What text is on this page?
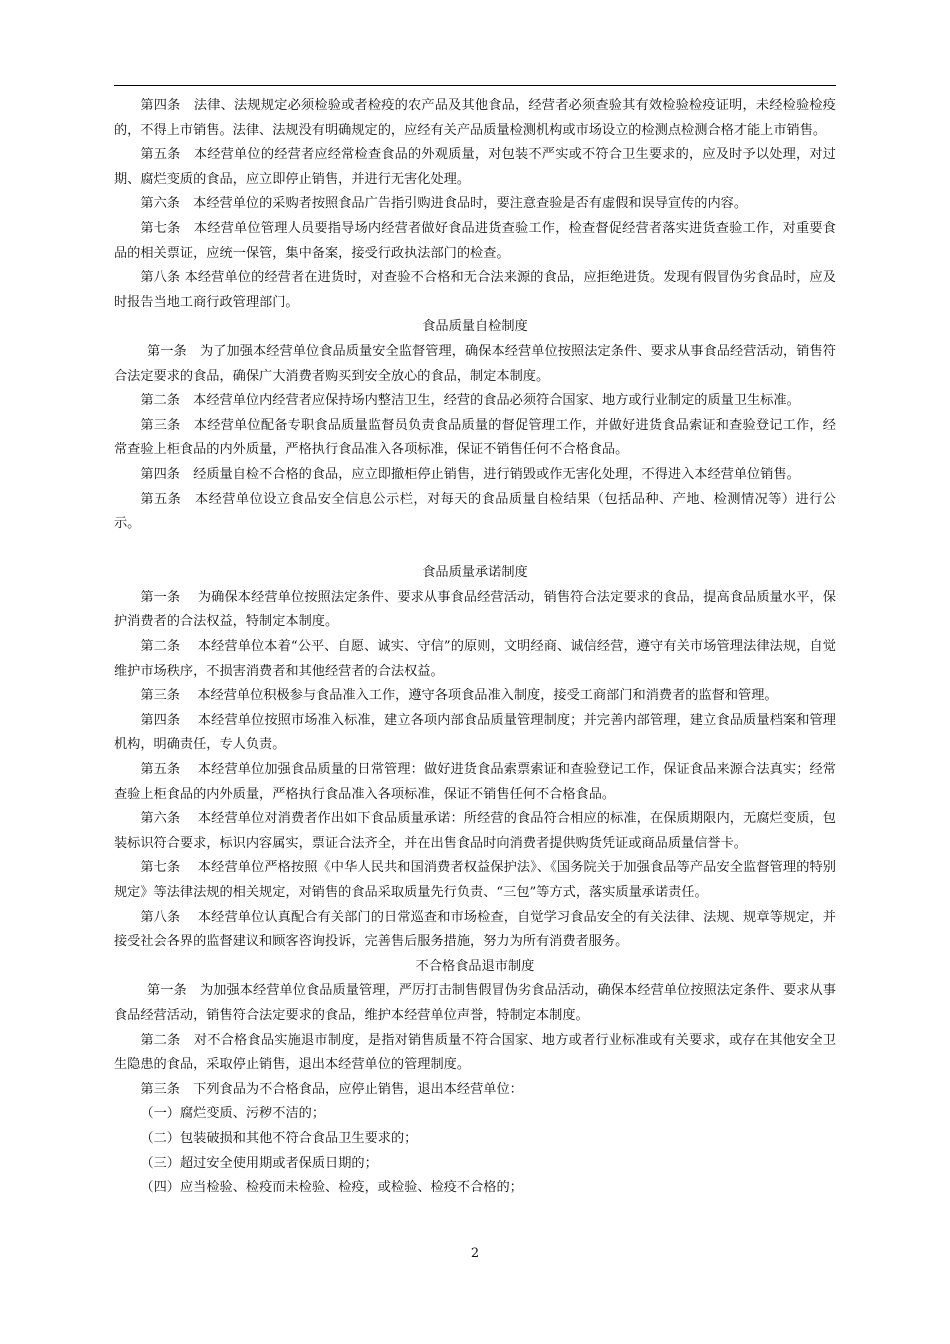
第四条　法律、法规规定必须检验或者检疫的农产品及其他食品，经营者必须查验其有效检验检疫证明，未经检验检疫的，不得上市销售。法律、法规没有明确规定的，应经有关产品质量检测机构或市场设立的检测点检测合格才能上市销售。

第五条　本经营单位的经营者应经常检查食品的外观质量，对包装不严实或不符合卫生要求的，应及时予以处理，对过期、腐烂变质的食品，应立即停止销售，并进行无害化处理。

第六条　本经营单位的采购者按照食品广告指引购进食品时，要注意查验是否有虚假和误导宣传的内容。

第七条　本经营单位管理人员要指导场内经营者做好食品进货查验工作，检查督促经营者落实进货查验工作，对重要食品的相关票证，应统一保管，集中备案，接受行政执法部门的检查。

第八条 本经营单位的经营者在进货时，对查验不合格和无合法来源的食品，应拒绝进货。发现有假冒伪劣食品时，应及时报告当地工商行政管理部门。

食品质量自检制度

第一条　为了加强本经营单位食品质量安全监督管理，确保本经营单位按照法定条件、要求从事食品经营活动，销售符合法定要求的食品，确保广大消费者购买到安全放心的食品，制定本制度。

第二条　本经营单位内经营者应保持场内整洁卫生，经营的食品必须符合国家、地方或行业制定的质量卫生标准。

第三条　本经营单位配备专职食品质量监督员负责食品质量的督促管理工作，并做好进货食品索证和查验登记工作，经常查验上柜食品的内外质量，严格执行食品准入各项标准，保证不销售任何不合格食品。

第四条　经质量自检不合格的食品，应立即撤柜停止销售，进行销毁或作无害化处理，不得进入本经营单位销售。

第五条　本经营单位设立食品安全信息公示栏，对每天的食品质量自检结果（包括品种、产地、检测情况等）进行公示。

食品质量承诺制度

第一条　 为确保本经营单位按照法定条件、要求从事食品经营活动，销售符合法定要求的食品，提高食品质量水平，保护消费者的合法权益，特制定本制度。

第二条　 本经营单位本着“公平、自愿、诚实、守信”的原则，文明经商、诚信经营，遵守有关市场管理法律法规，自觉维护市场秩序，不损害消费者和其他经营者的合法权益。

第三条　 本经营单位积极参与食品准入工作，遵守各项食品准入制度，接受工商部门和消费者的监督和管理。

第四条　 本经营单位按照市场准入标准，建立各项内部食品质量管理制度；并完善内部管理，建立食品质量档案和管理机构，明确责任，专人负责。

第五条　 本经营单位加强食品质量的日常管理：做好进货食品索票索证和查验登记工作，保证食品来源合法真实；经常查验上柜食品的内外质量，严格执行食品准入各项标准，保证不销售任何不合格食品。

第六条　 本经营单位对消费者作出如下食品质量承诺：所经营的食品符合相应的标准，在保质期限内，无腐烂变质，包装标识符合要求，标识内容属实，票证合法齐全，并在出售食品时向消费者提供购货凭证或商品质量信誉卡。

第七条　 本经营单位严格按照《中华人民共和国消费者权益保护法》、《国务院关于加强食品等产品安全监督管理的特别规定》等法律法规的相关规定，对销售的食品采取质量先行负责、“三包”等方式，落实质量承诺责任。

第八条　 本经营单位认真配合有关部门的日常巡查和市场检查，自觉学习食品安全的有关法律、法规、规章等规定，并接受社会各界的监督建议和顾客咨询投诉，完善售后服务措施，努力为所有消费者服务。

不合格食品退市制度

第一条　为加强本经营单位食品质量管理，严厉打击制售假冒伪劣食品活动，确保本经营单位按照法定条件、要求从事食品经营活动，销售符合法定要求的食品，维护本经营单位声誉，特制定本制度。

第二条　对不合格食品实施退市制度，是指对销售质量不符合国家、地方或者行业标准或有关要求，或存在其他安全卫生隐患的食品，采取停止销售，退出本经营单位的管理制度。

第三条　下列食品为不合格食品，应停止销售，退出本经营单位：

（一）腐烂变质、污秽不洁的；

（二）包装破损和其他不符合食品卫生要求的；

（三）超过安全使用期或者保质日期的；

（四）应当检验、检疫而未检验、检疫，或检验、检疫不合格的；

2
